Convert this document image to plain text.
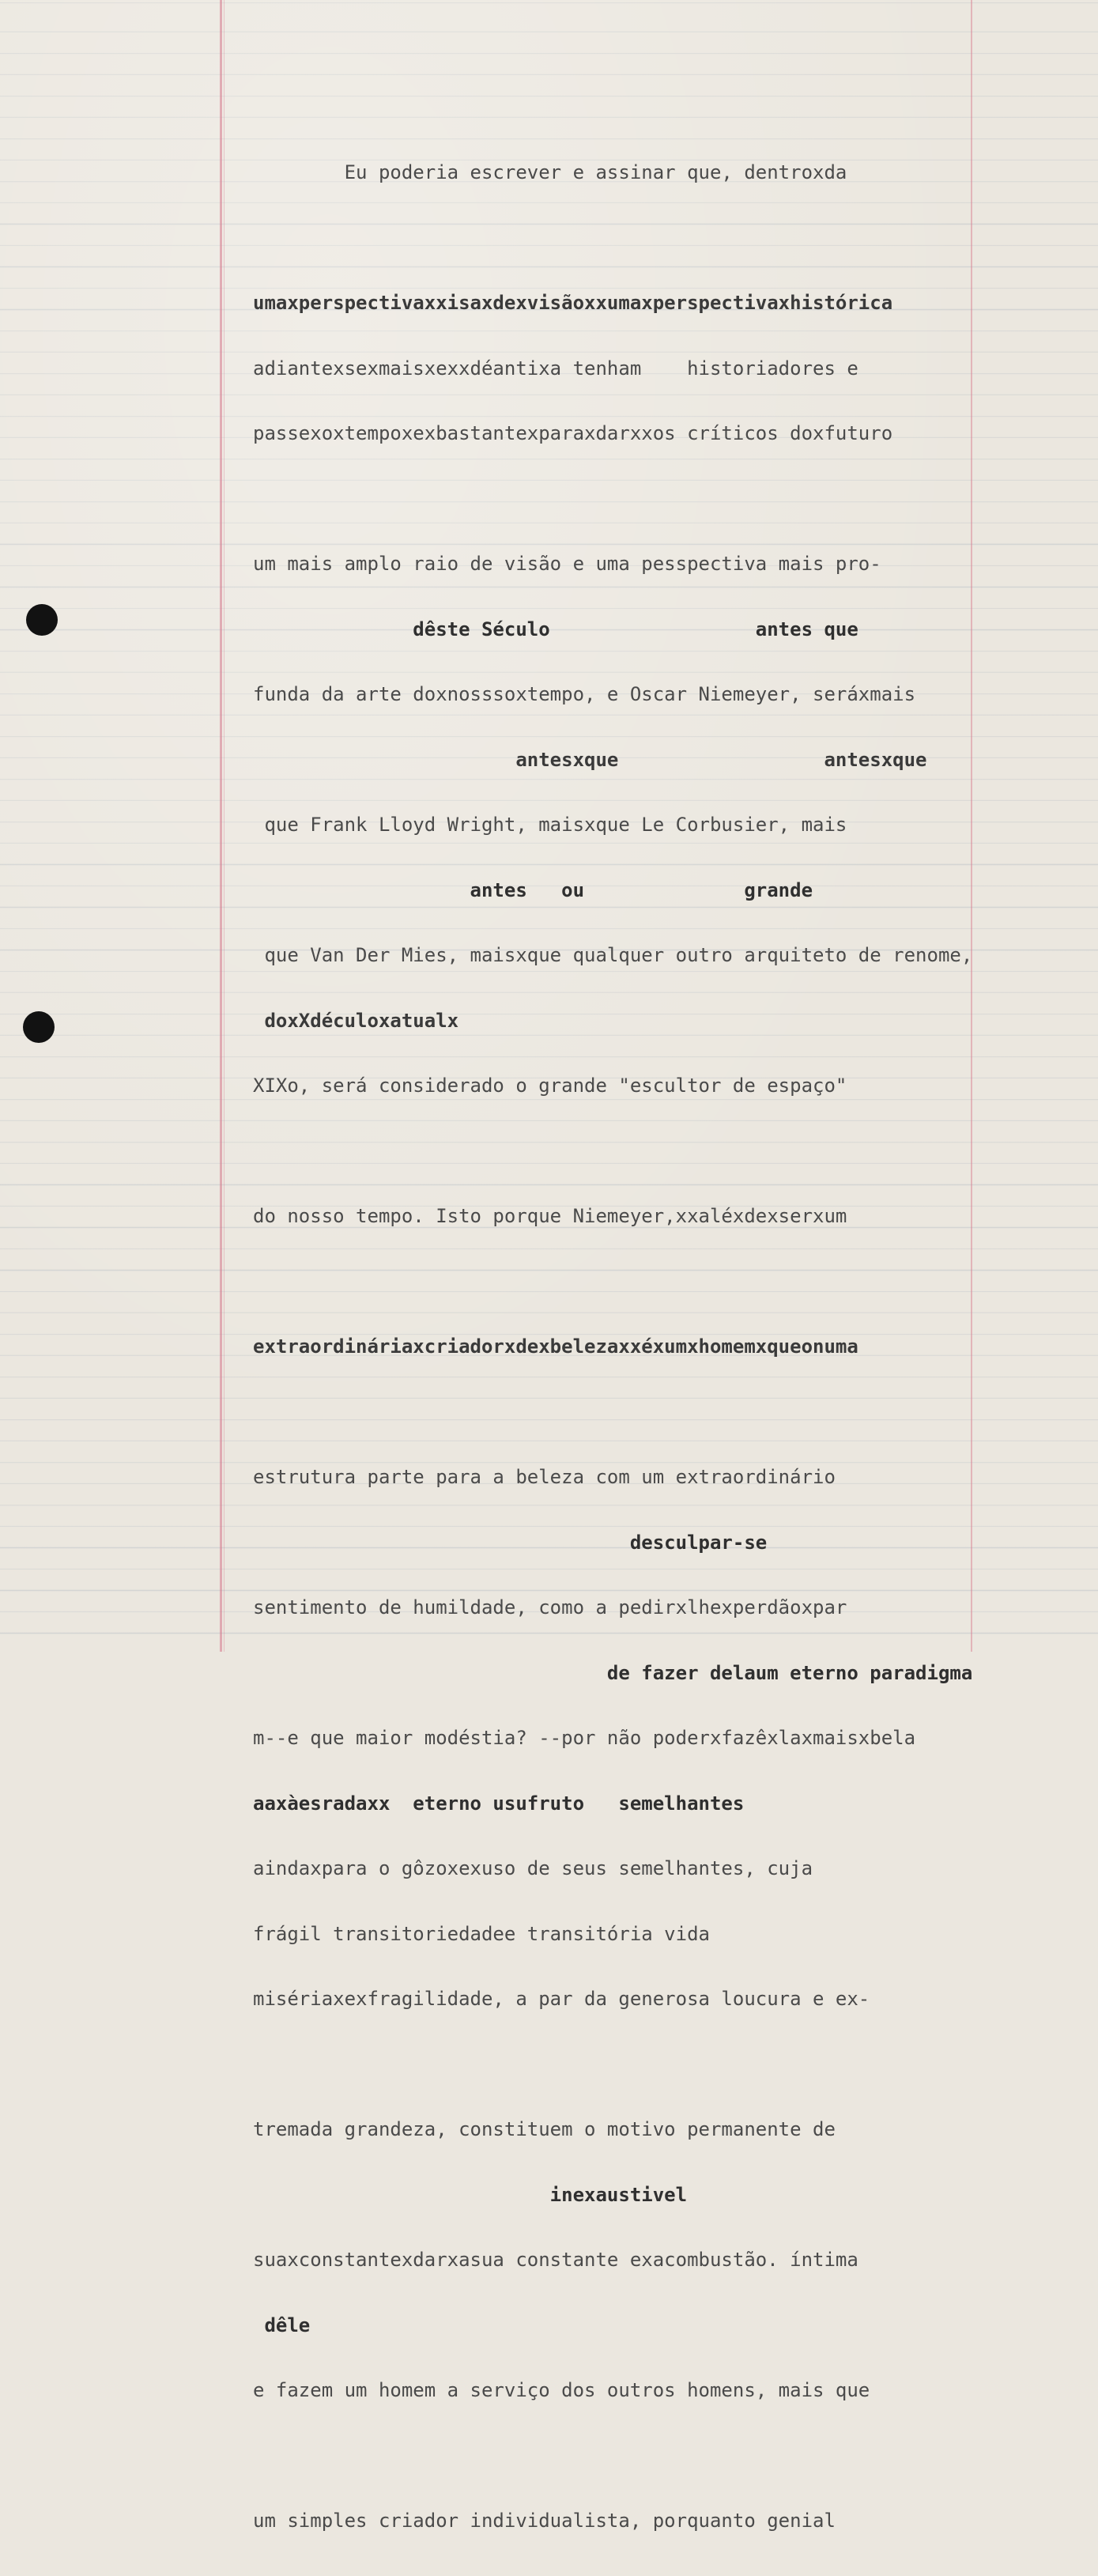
Eu poderia escrever e assinar que, dentroxda

umaxperspectivaxxisaxdexvisãoxxumaxperspectivaxhistórica

adiantexsexmaisxexxdéantixa tenham    historiadores e

passexoxtempoxexbastantexparaxdarxxos críticos doxfuturo

um mais amplo raio de visão e uma pesspectiva mais pro-

dêste Século                  antes que

funda da arte doxnosssoxtempo, e Oscar Niemeyer, seráxmais

antesxque                  antesxque

que Frank Lloyd Wright, maisxque Le Corbusier, mais

antes   ou              grande

que Van Der Mies, maisxque qualquer outro arquiteto de renome,

doxXdéculoxatualx

XIXo, será considerado o grande "escultor de espaço"

do nosso tempo. Isto porque Niemeyer,xxaléxdexserxum

extraordináriaxcriadorxdexbelezaxxéxumxhomemxqueonuma

estrutura parte para a beleza com um extraordinário

desculpar-se

sentimento de humildade, como a pedirxlhexperdãoxpar

de fazer delaum eterno paradigma

m--e que maior modéstia? --por não poderxfazêxlaxmaisxbela

aaxàesradaxx  eterno usufruto   semelhantes

aindaxpara o gôzoxexuso de seus semelhantes, cuja

frágil transitoriedadee transitória vida

misériaxexfragilidade, a par da generosa loucura e ex-

tremada grandeza, constituem o motivo permanente de

inexaustivel

suaxconstantexdarxasua constante exacombustão. íntima

dêle

e fazem um homem a serviço dos outros homens, mais que

um simples criador individualista, porquanto genial
